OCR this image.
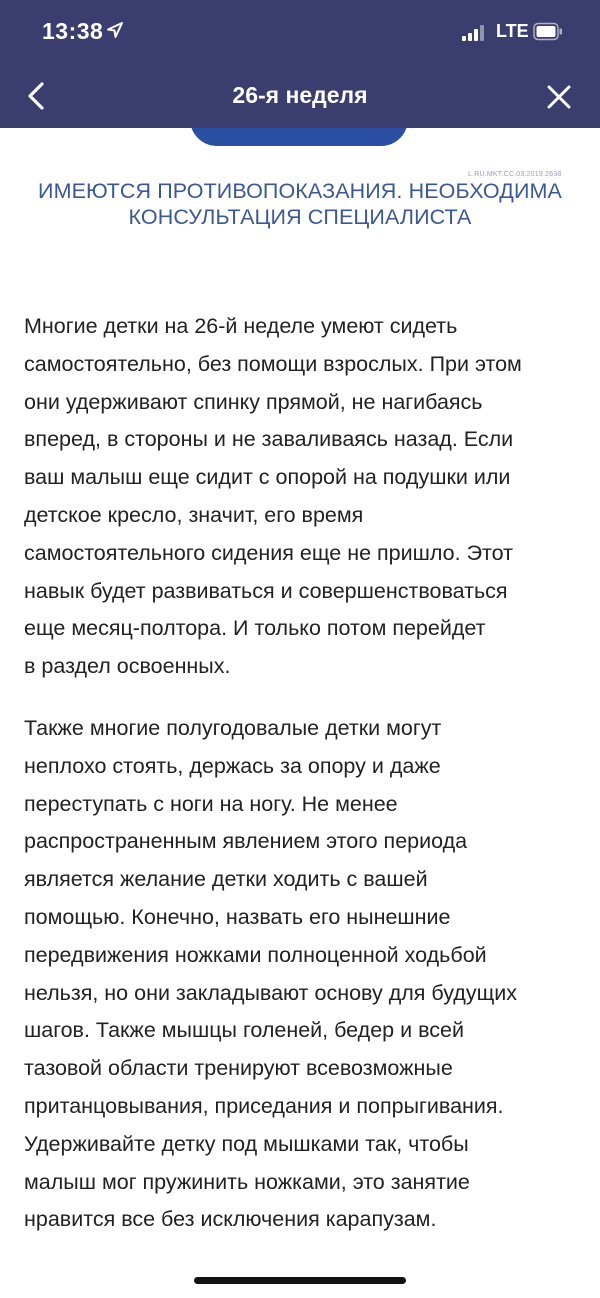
13:38	LTE
26-я неделя
L.RU.MKT.CC.03.2019.2638
ИМЕЮТСЯ ПРОТИВОПОКАЗАНИЯ. НЕОБХОДИМА
КОНСУЛЬТАЦИЯ СПЕЦИАЛИСТА

Многие детки на 26-й неделе умеют сидеть
самостоятельно, без помощи взрослых. При этом
они удерживают спинку прямой, не нагибаясь
вперед, в стороны и не заваливаясь назад. Если
ваш малыш еще сидит с опорой на подушки или
детское кресло, значит, его время
самостоятельного сидения еще не пришло. Этот
навык будет развиваться и совершенствоваться
еще месяц-полтора. И только потом перейдет
в раздел освоенных.

Также многие полугодовалые детки могут
неплохо стоять, держась за опору и даже
переступать с ноги на ногу. Не менее
распространенным явлением этого периода
является желание детки ходить с вашей
помощью. Конечно, назвать его нынешние
передвижения ножками полноценной ходьбой
нельзя, но они закладывают основу для будущих
шагов. Также мышцы голеней, бедер и всей
тазовой области тренируют всевозможные
пританцовывания, приседания и попрыгивания.
Удерживайте детку под мышками так, чтобы
малыш мог пружинить ножками, это занятие
нравится все без исключения карапузам.
